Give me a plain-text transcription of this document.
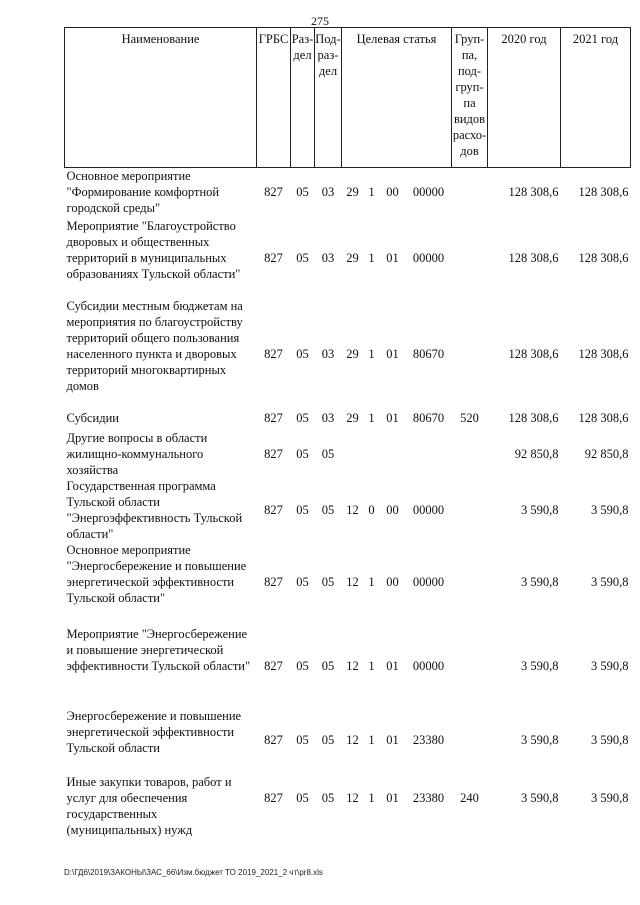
275
Наименование	ГРБС	Раз-дел	Под-раз-дел	Целевая статья				Груп-па, под-груп-па видов расхо-дов	2020 год	2021 год
Основное мероприятие "Формирование комфортной городской среды"	827	05	03	29	1	00	00000		128 308,6	128 308,6
Мероприятие "Благоустройство дворовых и общественных территорий в муниципальных образованиях Тульской области"	827	05	03	29	1	01	00000		128 308,6	128 308,6
Субсидии местным бюджетам на мероприятия по благоустройству территорий общего пользования населенного пункта и дворовых территорий многоквартирных домов	827	05	03	29	1	01	80670		128 308,6	128 308,6
Субсидии	827	05	03	29	1	01	80670	520	128 308,6	128 308,6
Другие вопросы в области жилищно-коммунального хозяйства	827	05	05						92 850,8	92 850,8
Государственная программа Тульской области "Энергоэффективность Тульской области"	827	05	05	12	0	00	00000		3 590,8	3 590,8
Основное мероприятие "Энергосбережение и повышение энергетической эффективности Тульской области"	827	05	05	12	1	00	00000		3 590,8	3 590,8
Мероприятие "Энергосбережение и повышение энергетической эффективности Тульской области"	827	05	05	12	1	01	00000		3 590,8	3 590,8
Энергосбережение и повышение энергетической эффективности Тульской области	827	05	05	12	1	01	23380		3 590,8	3 590,8
Иные закупки товаров, работ и услуг для обеспечения государственных (муниципальных) нужд	827	05	05	12	1	01	23380	240	3 590,8	3 590,8
D:\ГД6\2019\ЗАКОНЫ\ЗАС_66\Изм.бюджет ТО 2019_2021_2 чт\pr8.xls
